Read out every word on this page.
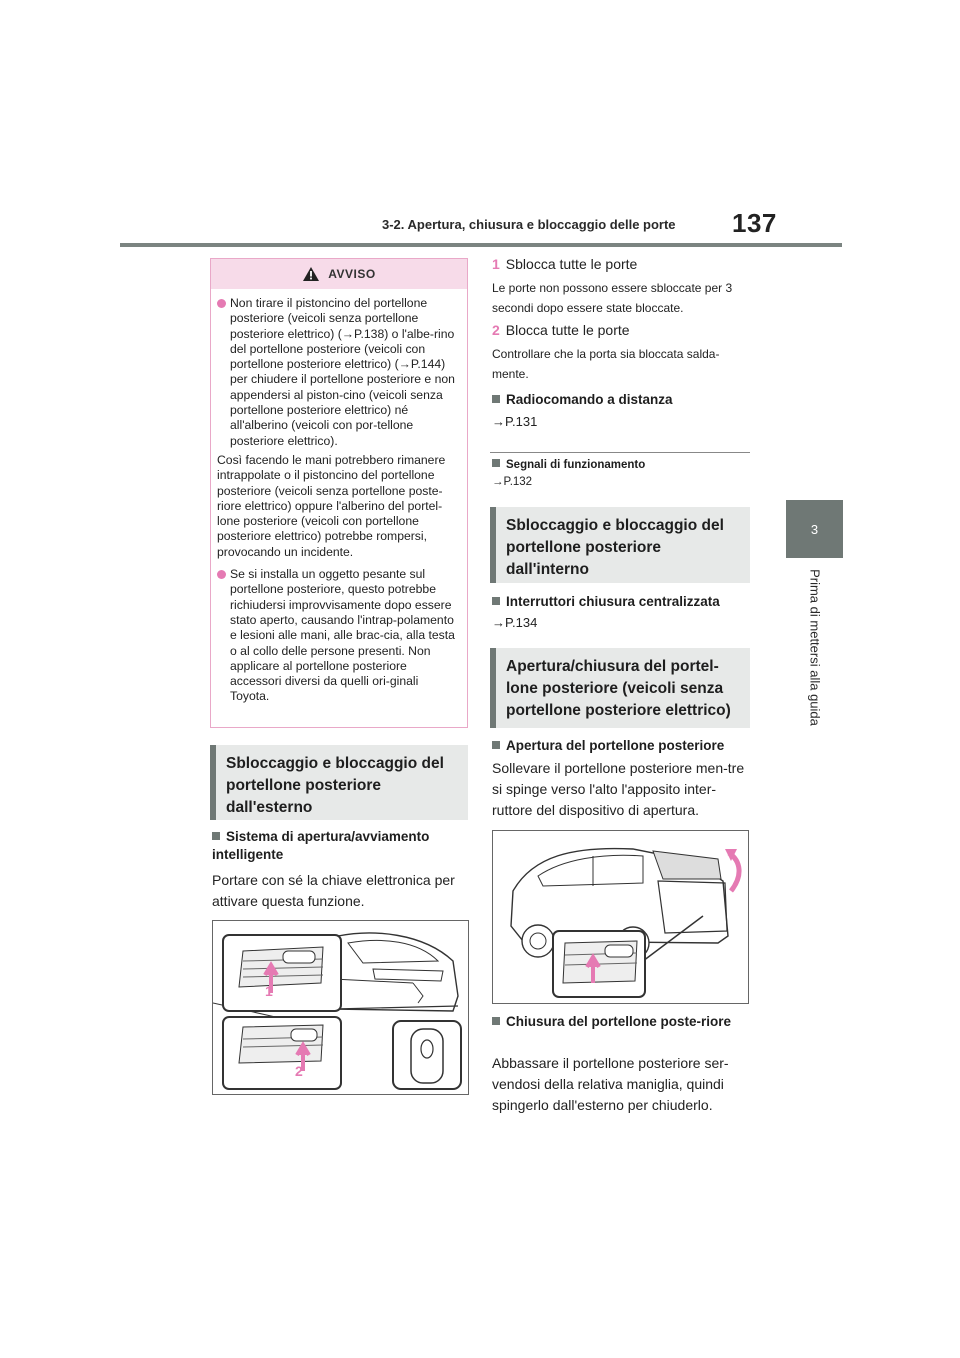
3-2. Apertura, chiusura e bloccaggio delle porte	137
3
Prima di mettersi alla guida
AVVISO
Non tirare il pistoncino del portellone posteriore (veicoli senza portellone posteriore elettrico) (→P.138) o l'albe-rino del portellone posteriore (veicoli con portellone posteriore elettrico) (→P.144) per chiudere il portellone posteriore e non appendersi al piston-cino (veicoli senza portellone posteriore elettrico) né all'alberino (veicoli con por-tellone posteriore elettrico).
Così facendo le mani potrebbero rimanere intrappolate o il pistoncino del portellone posteriore (veicoli senza portellone poste-riore elettrico) oppure l'alberino del portel-lone posteriore (veicoli con portellone posteriore elettrico) potrebbe rompersi, provocando un incidente.
Se si installa un oggetto pesante sul portellone posteriore, questo potrebbe richiudersi improvvisamente dopo essere stato aperto, causando l'intrap-polamento e lesioni alle mani, alle brac-cia, alla testa o al collo delle persone presenti. Non applicare al portellone posteriore accessori diversi da quelli ori-ginali Toyota.
Sbloccaggio e bloccaggio del portellone posteriore dall'esterno
Sistema di apertura/avviamento intelligente
Portare con sé la chiave elettronica per attivare questa funzione.
1
2
1 Sblocca tutte le porte
Le porte non possono essere sbloccate per 3 secondi dopo essere state bloccate.
2 Blocca tutte le porte
Controllare che la porta sia bloccata salda-mente.
Radiocomando a distanza
→P.131
Segnali di funzionamento
→P.132
Sbloccaggio e bloccaggio del portellone posteriore dall'interno
Interruttori chiusura centralizzata
→P.134
Apertura/chiusura del portel-lone posteriore (veicoli senza portellone posteriore elettrico)
Apertura del portellone posteriore
Sollevare il portellone posteriore men-tre si spinge verso l'alto l'apposito inter-ruttore del dispositivo di apertura.
Chiusura del portellone poste-riore
Abbassare il portellone posteriore ser-vendosi della relativa maniglia, quindi spingerlo dall'esterno per chiuderlo.
